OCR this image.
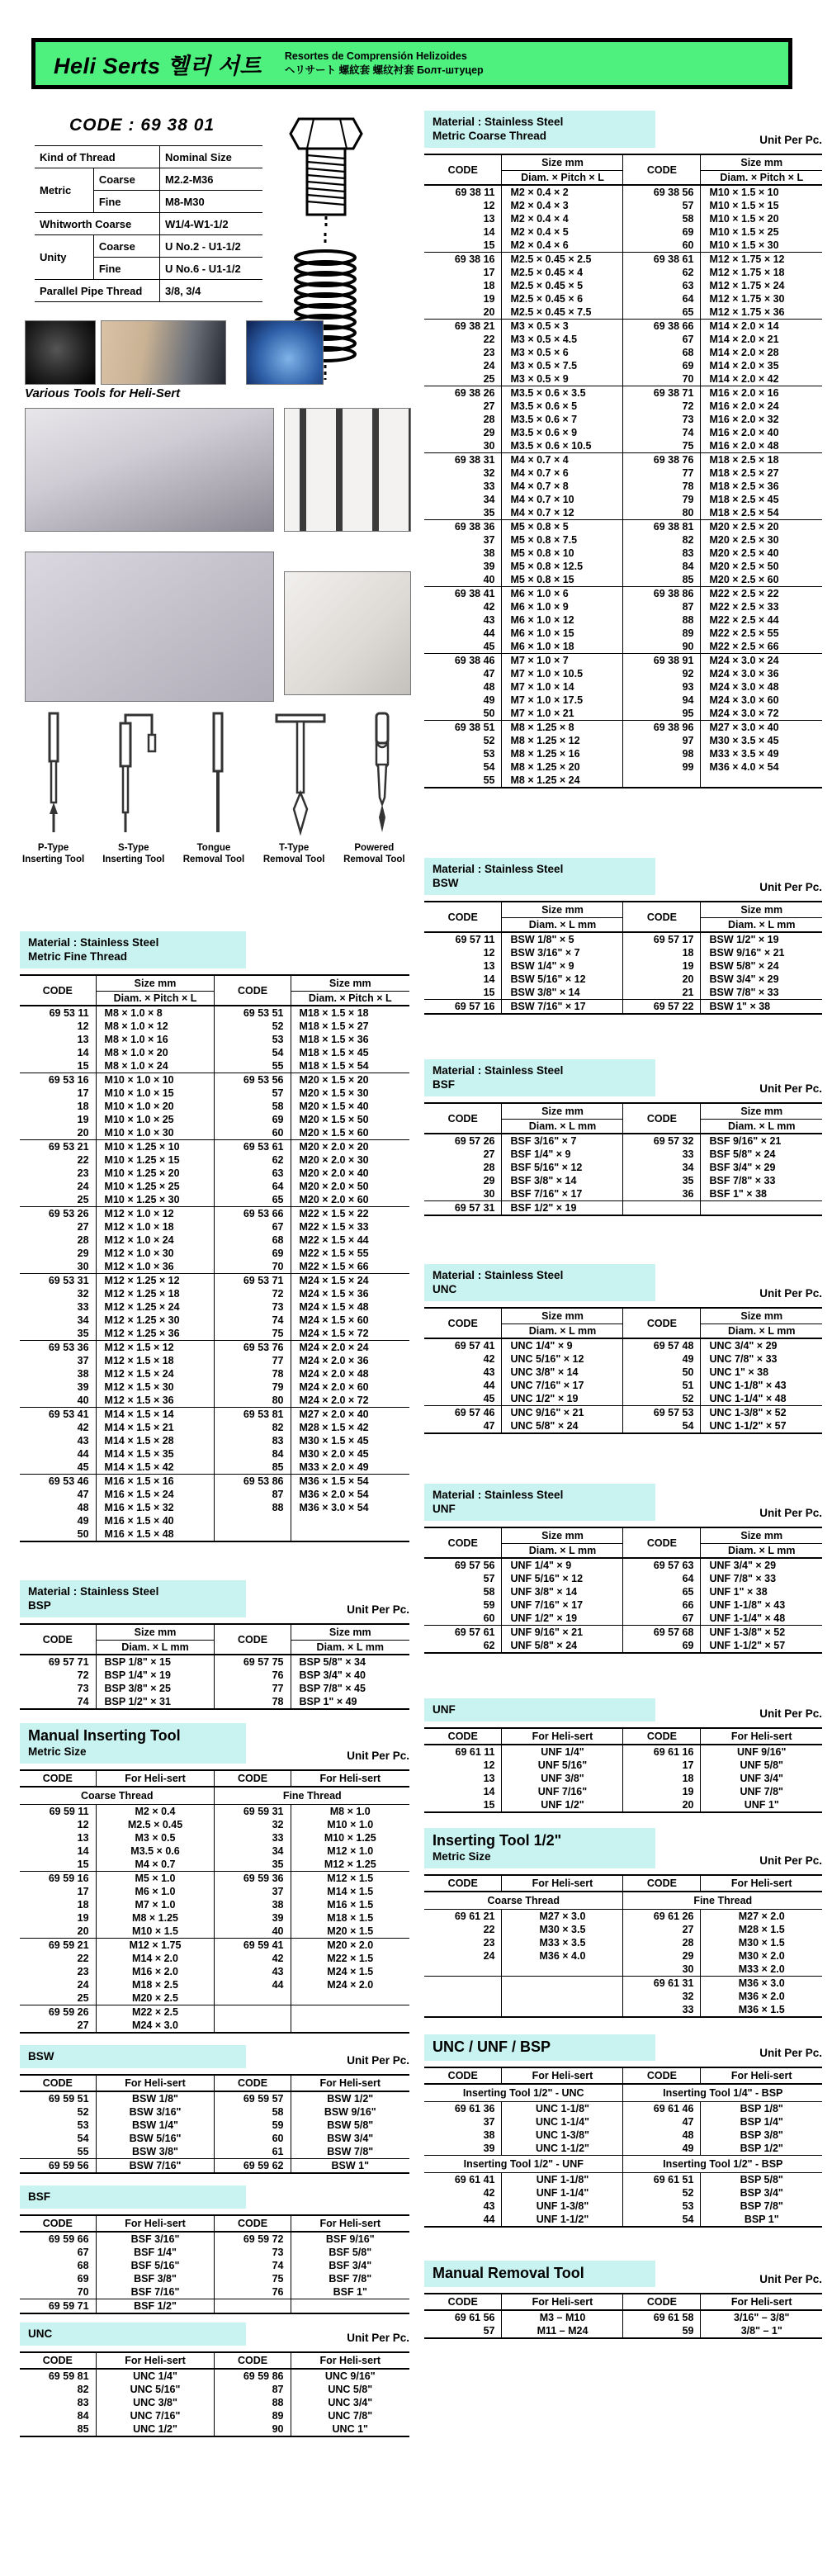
Heli Serts 헬리 서트 Resortes de Comprensión Helizoides
ヘリサート 螺紋套 螺纹衬套 Болт-штуцер
CODE : 69 38 01
Kind of Thread		Nominal Size
Metric	Coarse	M2.2-M36
	Fine	M8-M30
Whitworth Coarse		W1/4-W1-1/2
Unity	Coarse	U No.2 - U1-1/2
	Fine	U No.6 - U1-1/2
Parallel Pipe Thread		3/8, 3/4
Various Tools for Heli-Sert
P-Type Inserting Tool
S-Type Inserting Tool
Tongue Removal Tool
T-Type Removal Tool
Powered Removal Tool
Material : Stainless Steel
Metric Fine Thread
CODE	Size mm	CODE	Size mm
	Diam. × Pitch × L		Diam. × Pitch × L
69 53 11	M8 × 1.0 × 8	69 53 51	M18 × 1.5 × 18
12	M8 × 1.0 × 12	52	M18 × 1.5 × 27
13	M8 × 1.0 × 16	53	M18 × 1.5 × 36
14	M8 × 1.0 × 20	54	M18 × 1.5 × 45
15	M8 × 1.0 × 24	55	M18 × 1.5 × 54
69 53 16	M10 × 1.0 × 10	69 53 56	M20 × 1.5 × 20
17	M10 × 1.0 × 15	57	M20 × 1.5 × 30
18	M10 × 1.0 × 20	58	M20 × 1.5 × 40
19	M10 × 1.0 × 25	69	M20 × 1.5 × 50
20	M10 × 1.0 × 30	60	M20 × 1.5 × 60
69 53 21	M10 × 1.25 × 10	69 53 61	M20 × 2.0 × 20
22	M10 × 1.25 × 15	62	M20 × 2.0 × 30
23	M10 × 1.25 × 20	63	M20 × 2.0 × 40
24	M10 × 1.25 × 25	64	M20 × 2.0 × 50
25	M10 × 1.25 × 30	65	M20 × 2.0 × 60
69 53 26	M12 × 1.0 × 12	69 53 66	M22 × 1.5 × 22
27	M12 × 1.0 × 18	67	M22 × 1.5 × 33
28	M12 × 1.0 × 24	68	M22 × 1.5 × 44
29	M12 × 1.0 × 30	69	M22 × 1.5 × 55
30	M12 × 1.0 × 36	70	M22 × 1.5 × 66
69 53 31	M12 × 1.25 × 12	69 53 71	M24 × 1.5 × 24
32	M12 × 1.25 × 18	72	M24 × 1.5 × 36
33	M12 × 1.25 × 24	73	M24 × 1.5 × 48
34	M12 × 1.25 × 30	74	M24 × 1.5 × 60
35	M12 × 1.25 × 36	75	M24 × 1.5 × 72
69 53 36	M12 × 1.5 × 12	69 53 76	M24 × 2.0 × 24
37	M12 × 1.5 × 18	77	M24 × 2.0 × 36
38	M12 × 1.5 × 24	78	M24 × 2.0 × 48
39	M12 × 1.5 × 30	79	M24 × 2.0 × 60
40	M12 × 1.5 × 36	80	M24 × 2.0 × 72
69 53 41	M14 × 1.5 × 14	69 53 81	M27 × 2.0 × 40
42	M14 × 1.5 × 21	82	M28 × 1.5 × 42
43	M14 × 1.5 × 28	83	M30 × 1.5 × 45
44	M14 × 1.5 × 35	84	M30 × 2.0 × 45
45	M14 × 1.5 × 42	85	M33 × 2.0 × 49
69 53 46	M16 × 1.5 × 16	69 53 86	M36 × 1.5 × 54
47	M16 × 1.5 × 24	87	M36 × 2.0 × 54
48	M16 × 1.5 × 32	88	M36 × 3.0 × 54
49	M16 × 1.5 × 40		
50	M16 × 1.5 × 48		
Material : Stainless Steel
BSP	Unit Per Pc.
CODE	Size mm	CODE	Size mm
	Diam. × L mm		Diam. × L mm
69 57 71	BSP 1/8" × 15	69 57 75	BSP 5/8" × 34
72	BSP 1/4" × 19	76	BSP 3/4" × 40
73	BSP 3/8" × 25	77	BSP 7/8" × 45
74	BSP 1/2" × 31	78	BSP 1" × 49
Manual Inserting Tool
Metric Size	Unit Per Pc.
CODE	For Heli-sert	CODE	For Heli-sert
Coarse Thread		Fine Thread	
69 59 11	M2 × 0.4	69 59 31	M8 × 1.0
12	M2.5 × 0.45	32	M10 × 1.0
13	M3 × 0.5	33	M10 × 1.25
14	M3.5 × 0.6	34	M12 × 1.0
15	M4 × 0.7	35	M12 × 1.25
69 59 16	M5 × 1.0	69 59 36	M12 × 1.5
17	M6 × 1.0	37	M14 × 1.5
18	M7 × 1.0	38	M16 × 1.5
19	M8 × 1.25	39	M18 × 1.5
20	M10 × 1.5	40	M20 × 1.5
69 59 21	M12 × 1.75	69 59 41	M20 × 2.0
22	M14 × 2.0	42	M22 × 1.5
23	M16 × 2.0	43	M24 × 1.5
24	M18 × 2.5	44	M24 × 2.0
25	M20 × 2.5		
69 59 26	M22 × 2.5		
27	M24 × 3.0		
BSW	Unit Per Pc.
CODE	For Heli-sert	CODE	For Heli-sert
69 59 51	BSW 1/8"	69 59 57	BSW 1/2"
52	BSW 3/16"	58	BSW 9/16"
53	BSW 1/4"	59	BSW 5/8"
54	BSW 5/16"	60	BSW 3/4"
55	BSW 3/8"	61	BSW 7/8"
69 59 56	BSW 7/16"	69 59 62	BSW 1"
BSF
CODE	For Heli-sert	CODE	For Heli-sert
69 59 66	BSF 3/16"	69 59 72	BSF 9/16"
67	BSF 1/4"	73	BSF 5/8"
68	BSF 5/16"	74	BSF 3/4"
69	BSF 3/8"	75	BSF 7/8"
70	BSF 7/16"	76	BSF 1"
69 59 71	BSF 1/2"		
UNC	Unit Per Pc.
CODE	For Heli-sert	CODE	For Heli-sert
69 59 81	UNC 1/4"	69 59 86	UNC 9/16"
82	UNC 5/16"	87	UNC 5/8"
83	UNC 3/8"	88	UNC 3/4"
84	UNC 7/16"	89	UNC 7/8"
85	UNC 1/2"	90	UNC 1"
Material : Stainless Steel
Metric Coarse Thread	Unit Per Pc.
CODE	Size mm	CODE	Size mm
	Diam. × Pitch × L		Diam. × Pitch × L
69 38 11	M2 × 0.4 × 2	69 38 56	M10 × 1.5 × 10
12	M2 × 0.4 × 3	57	M10 × 1.5 × 15
13	M2 × 0.4 × 4	58	M10 × 1.5 × 20
14	M2 × 0.4 × 5	69	M10 × 1.5 × 25
15	M2 × 0.4 × 6	60	M10 × 1.5 × 30
69 38 16	M2.5 × 0.45 × 2.5	69 38 61	M12 × 1.75 × 12
17	M2.5 × 0.45 × 4	62	M12 × 1.75 × 18
18	M2.5 × 0.45 × 5	63	M12 × 1.75 × 24
19	M2.5 × 0.45 × 6	64	M12 × 1.75 × 30
20	M2.5 × 0.45 × 7.5	65	M12 × 1.75 × 36
69 38 21	M3 × 0.5 × 3	69 38 66	M14 × 2.0 × 14
22	M3 × 0.5 × 4.5	67	M14 × 2.0 × 21
23	M3 × 0.5 × 6	68	M14 × 2.0 × 28
24	M3 × 0.5 × 7.5	69	M14 × 2.0 × 35
25	M3 × 0.5 × 9	70	M14 × 2.0 × 42
69 38 26	M3.5 × 0.6 × 3.5	69 38 71	M16 × 2.0 × 16
27	M3.5 × 0.6 × 5	72	M16 × 2.0 × 24
28	M3.5 × 0.6 × 7	73	M16 × 2.0 × 32
29	M3.5 × 0.6 × 9	74	M16 × 2.0 × 40
30	M3.5 × 0.6 × 10.5	75	M16 × 2.0 × 48
69 38 31	M4 × 0.7 × 4	69 38 76	M18 × 2.5 × 18
32	M4 × 0.7 × 6	77	M18 × 2.5 × 27
33	M4 × 0.7 × 8	78	M18 × 2.5 × 36
34	M4 × 0.7 × 10	79	M18 × 2.5 × 45
35	M4 × 0.7 × 12	80	M18 × 2.5 × 54
69 38 36	M5 × 0.8 × 5	69 38 81	M20 × 2.5 × 20
37	M5 × 0.8 × 7.5	82	M20 × 2.5 × 30
38	M5 × 0.8 × 10	83	M20 × 2.5 × 40
39	M5 × 0.8 × 12.5	84	M20 × 2.5 × 50
40	M5 × 0.8 × 15	85	M20 × 2.5 × 60
69 38 41	M6 × 1.0 × 6	69 38 86	M22 × 2.5 × 22
42	M6 × 1.0 × 9	87	M22 × 2.5 × 33
43	M6 × 1.0 × 12	88	M22 × 2.5 × 44
44	M6 × 1.0 × 15	89	M22 × 2.5 × 55
45	M6 × 1.0 × 18	90	M22 × 2.5 × 66
69 38 46	M7 × 1.0 × 7	69 38 91	M24 × 3.0 × 24
47	M7 × 1.0 × 10.5	92	M24 × 3.0 × 36
48	M7 × 1.0 × 14	93	M24 × 3.0 × 48
49	M7 × 1.0 × 17.5	94	M24 × 3.0 × 60
50	M7 × 1.0 × 21	95	M24 × 3.0 × 72
69 38 51	M8 × 1.25 × 8	69 38 96	M27 × 3.0 × 40
52	M8 × 1.25 × 12	97	M30 × 3.5 × 45
53	M8 × 1.25 × 16	98	M33 × 3.5 × 49
54	M8 × 1.25 × 20	99	M36 × 4.0 × 54
55	M8 × 1.25 × 24		
Material : Stainless Steel
BSW	Unit Per Pc.
CODE	Size mm	CODE	Size mm
	Diam. × L mm		Diam. × L mm
69 57 11	BSW 1/8" × 5	69 57 17	BSW 1/2" × 19
12	BSW 3/16" × 7	18	BSW 9/16" × 21
13	BSW 1/4" × 9	19	BSW 5/8" × 24
14	BSW 5/16" × 12	20	BSW 3/4" × 29
15	BSW 3/8" × 14	21	BSW 7/8" × 33
69 57 16	BSW 7/16" × 17	69 57 22	BSW 1" × 38
Material : Stainless Steel
BSF	Unit Per Pc.
CODE	Size mm	CODE	Size mm
	Diam. × L mm		Diam. × L mm
69 57 26	BSF 3/16" × 7	69 57 32	BSF 9/16" × 21
27	BSF 1/4" × 9	33	BSF 5/8" × 24
28	BSF 5/16" × 12	34	BSF 3/4" × 29
29	BSF 3/8" × 14	35	BSF 7/8" × 33
30	BSF 7/16" × 17	36	BSF 1" × 38
69 57 31	BSF 1/2" × 19		
Material : Stainless Steel
UNC	Unit Per Pc.
CODE	Size mm	CODE	Size mm
	Diam. × L mm		Diam. × L mm
69 57 41	UNC 1/4" × 9	69 57 48	UNC 3/4" × 29
42	UNC 5/16" × 12	49	UNC 7/8" × 33
43	UNC 3/8" × 14	50	UNC 1" × 38
44	UNC 7/16" × 17	51	UNC 1-1/8" × 43
45	UNC 1/2" × 19	52	UNC 1-1/4" × 48
69 57 46	UNC 9/16" × 21	69 57 53	UNC 1-3/8" × 52
47	UNC 5/8" × 24	54	UNC 1-1/2" × 57
Material : Stainless Steel
UNF	Unit Per Pc.
CODE	Size mm	CODE	Size mm
	Diam. × L mm		Diam. × L mm
69 57 56	UNF 1/4" × 9	69 57 63	UNF 3/4" × 29
57	UNF 5/16" × 12	64	UNF 7/8" × 33
58	UNF 3/8" × 14	65	UNF 1" × 38
59	UNF 7/16" × 17	66	UNF 1-1/8" × 43
60	UNF 1/2" × 19	67	UNF 1-1/4" × 48
69 57 61	UNF 9/16" × 21	69 57 68	UNF 1-3/8" × 52
62	UNF 5/8" × 24	69	UNF 1-1/2" × 57
UNF	Unit Per Pc.
CODE	For Heli-sert	CODE	For Heli-sert
69 61 11	UNF 1/4"	69 61 16	UNF 9/16"
12	UNF 5/16"	17	UNF 5/8"
13	UNF 3/8"	18	UNF 3/4"
14	UNF 7/16"	19	UNF 7/8"
15	UNF 1/2"	20	UNF 1"
Inserting Tool 1/2"
Metric Size	Unit Per Pc.
CODE	For Heli-sert	CODE	For Heli-sert
Coarse Thread		Fine Thread	
69 61 21	M27 × 3.0	69 61 26	M27 × 2.0
22	M30 × 3.5	27	M28 × 1.5
23	M33 × 3.5	28	M30 × 1.5
24	M36 × 4.0	29	M30 × 2.0
		30	M33 × 2.0
		69 61 31	M36 × 3.0
		32	M36 × 2.0
		33	M36 × 1.5
UNC / UNF / BSP	Unit Per Pc.
CODE	For Heli-sert	CODE	For Heli-sert
Inserting Tool 1/2" - UNC		Inserting Tool 1/4" - BSP	
69 61 36	UNC 1-1/8"	69 61 46	BSP 1/8"
37	UNC 1-1/4"	47	BSP 1/4"
38	UNC 1-3/8"	48	BSP 3/8"
39	UNC 1-1/2"	49	BSP 1/2"
Inserting Tool 1/2" - UNF		Inserting Tool 1/2" - BSP	
69 61 41	UNF 1-1/8"	69 61 51	BSP 5/8"
42	UNF 1-1/4"	52	BSP 3/4"
43	UNF 1-3/8"	53	BSP 7/8"
44	UNF 1-1/2"	54	BSP 1"
Manual Removal Tool	Unit Per Pc.
CODE	For Heli-sert	CODE	For Heli-sert
69 61 56	M3 – M10	69 61 58	3/16" – 3/8"
57	M11 – M24	59	3/8" – 1"
